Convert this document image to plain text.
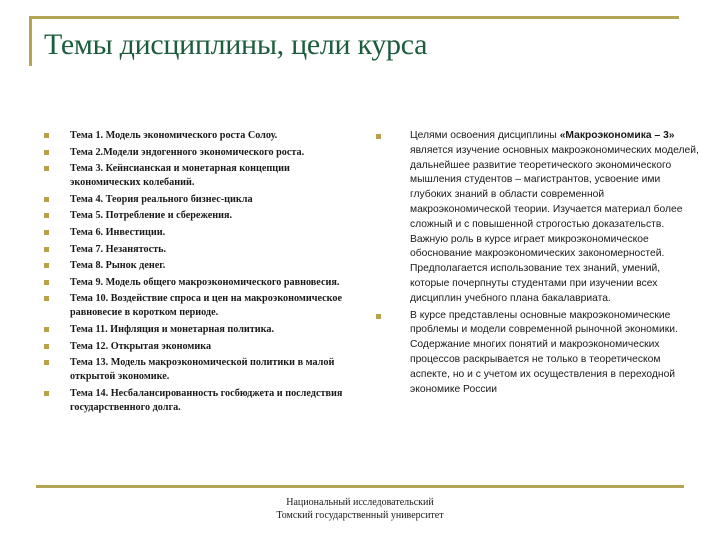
Темы дисциплины, цели курса
Тема 1. Модель экономического роста Солоу.
Тема 2.Модели эндогенного экономического роста.
Тема 3. Кейнсианская и монетарная концепции экономических колебаний.
Тема 4. Теория реального бизнес-цикла
Тема 5. Потребление и сбережения.
Тема 6. Инвестиции.
Тема 7. Незанятость.
Тема 8. Рынок денег.
Тема 9. Модель общего макроэкономического равновесия.
Тема 10. Воздействие спроса и цен на макроэкономическое равновесие в коротком периоде.
Тема 11. Инфляция и монетарная политика.
Тема 12. Открытая экономика
Тема 13. Модель макроэкономической политики в малой открытой экономике.
Тема 14. Несбалансированность госбюджета и последствия государственного долга.
Целями освоения дисциплины «Макроэкономика – 3» является изучение основных макроэкономических моделей, дальнейшее развитие теоретического экономического мышления студентов – магистрантов, усвоение ими глубоких знаний в области современной макроэкономической теории. Изучается материал более сложный и с повышенной строгостью доказательств. Важную роль в курсе играет микроэкономическое обоснование макроэкономических закономерностей. Предполагается использование тех знаний, умений, которые почерпнуты студентами при изучении всех дисциплин учебного плана бакалавриата.
В курсе представлены основные макроэкономические проблемы и модели современной рыночной экономики. Содержание многих понятий и макроэкономических процессов раскрывается не только в теоретическом аспекте, но и с учетом их осуществления в переходной экономике России
Национальный исследовательский
Томский государственный университет
